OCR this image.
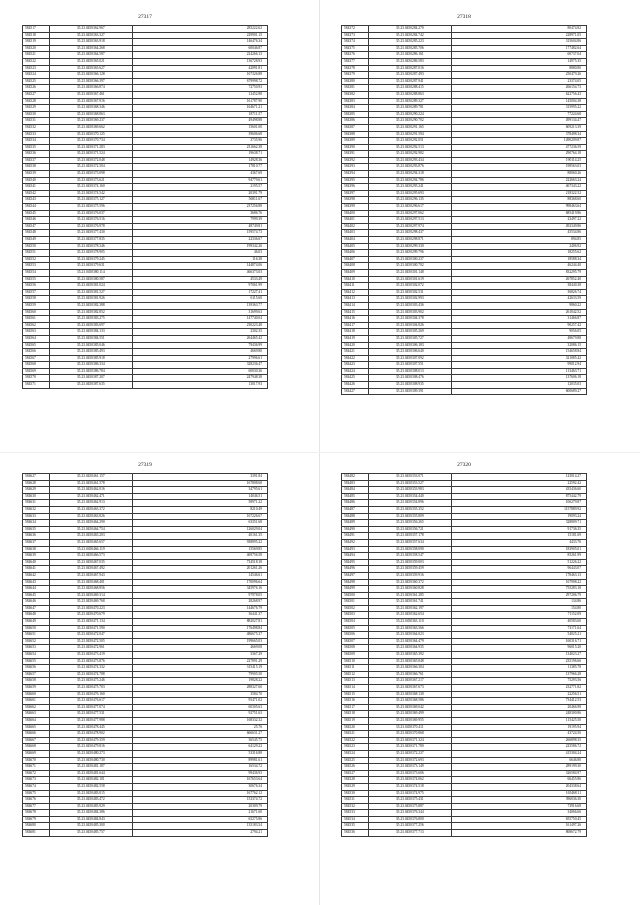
27317
584517	35.23.0450362.967	285222.62
584518	35.23.0450363.327	229901.15
584519	35.23.0450363.918	146476.34
584520	35.23.0450364.268	60046.87
584521	35.23.0450364.587	224266.13
584522	35.23.0450365.021	136728.93
584523	35.23.0450365.627	42091.81
584524	35.23.0450366.128	167326.88
584525	35.23.0450366.397	679998.72
584526	35.23.0450366.874	72750.93
584527	35.23.0450367.461	12452.88
584528	35.23.0450367.916	161787.90
584529	35.23.0450368.346	164671.21
584530	35.23.0450368.863	18711.57
584531	35.23.0450369.237	49498.88
584532	35.23.0450369.662	15601.00
584533	35.23.0450370.125	39606.68
584534	35.23.0450370.734	3735.96
584535	35.23.0450371.283	231662.38
584536	35.23.0450371.524	19638.71
584537	35.23.0450372.048	14928.36
584538	35.23.0450372.504	17810.77
584539	35.23.0450373.098	4367.69
584540	35.23.0450373.621	94779.61
584541	35.23.0450374.160	2195.57
584542	35.23.0450374.542	20391.79
584543	35.23.0450375.127	56811.67
584544	35.23.0450375.596	237256.88
584545	35.23.0450376.037	3686.76
584546	35.23.0450376.516	7999.39
584547	35.23.0450376.978	48749.81
584548	35.23.0450377.430	159574.73
584549	35.23.0450377.835	22336.67
584550	35.23.0450378.346	199342.26
584551	35.23.0450378.905	46.03
584552	35.23.0450379.245	116.38
584553	35.23.0450379.631	144874.06
584554	35.23.0450380.114	466373.03
584555	35.23.0450380.587	4533.49
584556	35.23.0450381.024	97061.99
584557	35.23.0450381.527	17227.41
584558	35.23.0450381.926	6115.60
584559	35.23.0450382.388	139363.77
584560	35.23.0450382.852	31699.63
584561	35.23.0450383.275	147740.04
584562	35.23.0450383.697	230223.48
584563	35.23.0450384.133	2302.35
584564	35.23.0450384.551	264465.42
584565	35.23.0450385.046	79436.99
584566	35.23.0450385.493	4669.80
584567	35.23.0450385.918	27996.61
584568	35.23.0450386.334	328236.47
584569	35.23.0450386.784	60030.36
584570	35.23.0450387.207	247948.38
584571	35.23.0450387.635	13017.93
27318
584372	35.23.0450284.270	80474.82
584373	35.23.0450284.742	228971.05
584374	35.23.0450285.223	315604.86
584375	35.23.0450285.706	177482.64
584376	35.23.0450286.161	60737.04
584377	35.23.0450286.583	14975.35
584378	35.23.0450287.016	8880.80
584379	35.23.0450287.493	250479.26
584380	35.23.0450287.941	23374.05
584381	35.23.0450288.415	266154.73
584382	35.23.0450288.863	622756.43
584383	35.23.0450289.327	145004.38
584384	35.23.0450289.781	315995.22
584385	35.23.0450290.224	77224.68
584386	35.23.0450290.702	499134.47
584387	35.23.0450291.165	609213.39
584388	35.23.0450291.594	378498.34
584389	35.23.0450292.051	1490209.87
584390	35.23.0450292.513	477236.59
584391	35.23.0450292.982	290764.18
584392	35.23.0450293.434	190114.25
584393	35.23.0450293.876	198563.03
584394	35.23.0450294.318	88060.26
584395	35.23.0450294.786	222663.24
584396	35.23.0450295.241	467343.22
584397	35.23.0450295.693	218322.52
584398	35.23.0450296.135	88368.60
584399	35.23.0450296.617	998463.64
584400	35.23.0450297.062	685419.86
584401	35.23.0450297.513	23497.22
584402	35.23.0450297.974	492349.86
584403	35.23.0450298.437	45534.86
584404	35.23.0450298.871	894.85
584405	35.23.0450299.330	2406.92
584406	35.23.0450299.796	18255.62
584407	35.23.0450300.237	18588.34
584408	35.23.0450300.702	46244.40
584409	35.23.0450301.148	832295.79
584410	35.23.0450301.619	267852.40
584411	35.23.0450302.072	38440.38
584412	35.23.0450302.531	36826.74
584413	35.23.0450302.993	42633.59
584414	35.23.0450303.436	9860.22
584415	35.23.0450303.902	261042.52
584416	35.23.0450304.378	31466.87
584417	35.23.0450304.826	90257.42
584418	35.23.0450305.269	9056.05
584419	35.23.0450305.727	48679.88
584420	35.23.0450306.183	32086.15
584421	35.23.0450306.640	154658.84
584422	35.23.0450307.092	321085.42
584423	35.23.0450307.551	99012.94
584424	35.23.0450308.013	113463.71
584425	35.23.0450308.476	137606.18
584426	35.23.0450308.935	12035.03
584427	35.23.0450309.391	600689.27
27319
584627	35.23.0450461.157	3391.84
584628	35.23.0450461.578	167808.68
584629	35.23.0450462.016	34795.61
584630	35.23.0450462.471	14046.51
584631	35.23.0450462.913	58971.22
584632	35.23.0450463.372	8210.49
584633	35.23.0450463.826	167226.67
584634	35.23.0450464.290	63351.68
584635	35.23.0450464.754	126029.04
584636	35.23.0450465.203	40161.35
584637	35.23.0450465.657	938895.22
584638	35.23.0450466.119	15569.85
584639	35.23.0450466.573	469756.58
584640	35.23.0450467.035	734518.18
584641	35.23.0450467.492	201261.26
584642	35.23.0450467.943	14546.61
584643	35.23.0450468.401	170096.64
584644	35.23.0450468.856	345976.16
584645	35.23.0450469.314	97978.05
584646	35.23.0450469.768	28268.97
584647	35.23.0450470.223	144676.79
584648	35.23.0450470.679	36441.37
584649	35.23.0450471.134	882027.81
584650	35.23.0450471.590	176498.84
584651	35.23.0450472.047	486675.37
584652	35.23.0450472.505	199665.03
584653	35.23.0450472.961	4669.08
584654	35.23.0450473.419	3367.29
584655	35.23.0450473.876	227891.29
584656	35.23.0450474.332	315415.19
584657	35.23.0450474.788	79905.50
584658	35.23.0450475.246	19828.22
584659	35.23.0450475.703	288327.60
584660	35.23.0450476.160	3584.70
584661	35.23.0450476.617	95471.02
584662	35.23.0450477.074	60305.63
584663	35.23.0450477.531	92751.63
584664	35.23.0450477.988	168332.32
584665	35.23.0450478.445	25.76
584666	35.23.0450478.902	666631.27
584667	35.23.0450479.359	36545.75
584668	35.23.0450479.816	64129.22
584669	35.23.0450480.273	53316.88
584670	35.23.0450480.730	89981.61
584671	35.23.0450481.187	16534.72
584672	35.23.0450481.644	99436.93
584673	35.23.0450482.101	167653.64
584674	35.23.0450482.558	30676.34
584675	35.23.0450483.015	167762.12
584676	35.23.0450483.472	153374.72
584677	35.23.0450483.929	20309.79
584678	35.23.0450484.386	21671.60
584679	35.23.0450484.843	65275.86
584680	35.23.0450485.300	135183.54
584681	35.23.0450485.757	2794.21
27320
584482	35.23.0450353.071	125014.27
584483	35.23.0450353.527	22592.42
584484	35.23.0450353.983	435436.60
584485	35.23.0450354.440	875442.79
584486	35.23.0450354.896	106279.87
584487	35.23.0450355.352	1157889.92
584488	35.23.0450355.809	19093.24
584489	35.23.0450356.265	328809.71
584490	35.23.0450356.721	91736.35
584491	35.23.0450357.178	15181.69
584492	35.23.0450357.634	4433.76
584493	35.23.0450358.090	183905.01
584494	35.23.0450358.547	85261.99
584495	35.23.0450359.003	51226.22
584496	35.23.0450359.459	96443.07
584497	35.23.0450359.916	178463.13
584498	35.23.0450360.372	167908.22
584499	35.23.0450360.828	755283.18
584500	35.23.0450361.285	297206.79
584501	35.23.0450361.741	134.86
584502	35.23.0450362.197	154.80
584503	35.23.0450362.654	71152.09
584504	35.23.0450363.110	40583.60
584505	35.23.0450363.566	73171.64
584506	35.23.0450364.023	54025.21
584507	35.23.0450364.479	160316.71
584508	35.23.0450364.935	96015.20
584509	35.23.0450365.392	134023.27
584510	35.23.0450365.848	235196.66
584511	35.23.0450366.304	11385.78
584512	35.23.0450366.761	137966.28
584513	35.23.0450367.217	75293.56
584514	35.23.0450367.673	232771.82
584515	35.23.0450368.130	22256.51
584516	35.23.0450368.586	734412.53
584517	35.23.0450369.042	20466.98
584518	35.23.0450369.499	248300.86
584519	35.23.0450369.955	115425.50
584520	35.23.0450370.411	19195.94
584521	35.23.0450370.868	43724.50
584522	35.23.0450371.324	266898.35
584523	35.23.0450371.780	225586.72
584524	35.23.0450372.237	415304.24
584525	35.23.0450372.693	6646.80
584526	35.23.0450373.149	289199.30
584527	35.23.0450373.606	326584.97
584528	35.23.0450374.062	66455.86
584529	35.23.0450374.518	204338.64
584530	35.23.0450374.975	165468.11
584531	35.23.0450375.431	396036.30
584532	35.23.0450375.887	73916.68
584533	35.23.0450376.344	34066.66
584534	35.23.0450376.800	655750.45
584535	35.23.0450377.256	161497.26
584536	35.23.0450377.713	868672.79
